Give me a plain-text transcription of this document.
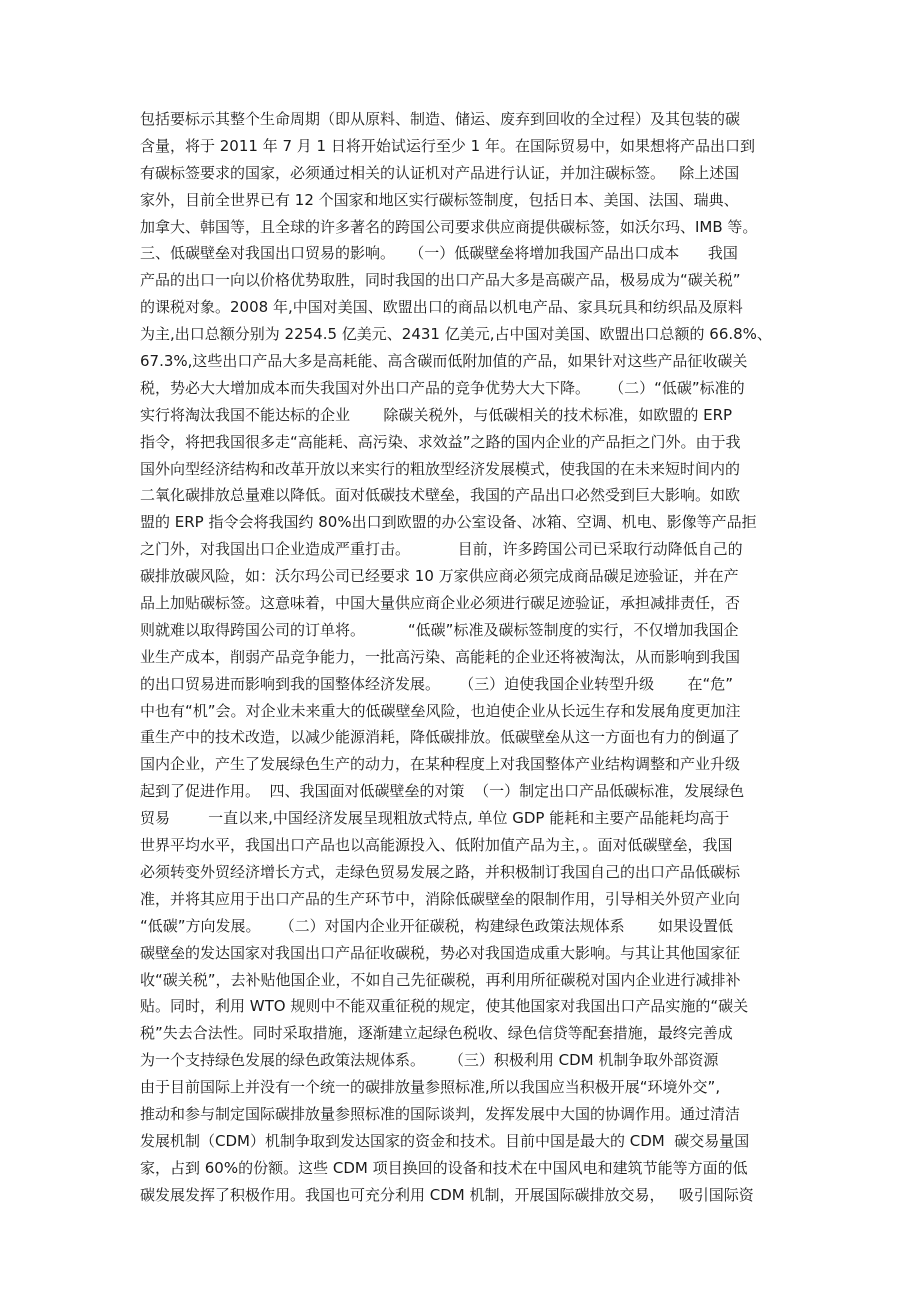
包括要标示其整个生命周期（即从原料、制造、储运、废弃到回收的全过程）及其包装的碳
含量，将于 2011 年 7 月 1 日将开始试运行至少 1 年。在国际贸易中，如果想将产品出口到
有碳标签要求的国家，必须通过相关的认证机对产品进行认证，并加注碳标签。   除上述国
家外，目前全世界已有 12 个国家和地区实行碳标签制度，包括日本、美国、法国、瑞典、
加拿大、韩国等，且全球的许多著名的跨国公司要求供应商提供碳标签，如沃尔玛、IMB 等。
三、低碳壁垒对我国出口贸易的影响。   （一）低碳壁垒将增加我国产品出口成本      我国
产品的出口一向以价格优势取胜，同时我国的出口产品大多是高碳产品，极易成为“碳关税”
的课税对象。2008 年,中国对美国、欧盟出口的商品以机电产品、家具玩具和纺织品及原料
为主,出口总额分别为 2254.5 亿美元、2431 亿美元,占中国对美国、欧盟出口总额的 66.8%、
67.3%,这些出口产品大多是高耗能、高含碳而低附加值的产品，如果针对这些产品征收碳关
税，势必大大增加成本而失我国对外出口产品的竞争优势大大下降。    （二）“低碳”标准的
实行将淘汰我国不能达标的企业       除碳关税外，与低碳相关的技术标准，如欧盟的 ERP
指令，将把我国很多走“高能耗、高污染、求效益”之路的国内企业的产品拒之门外。由于我
国外向型经济结构和改革开放以来实行的粗放型经济发展模式，使我国的在未来短时间内的
二氧化碳排放总量难以降低。面对低碳技术壁垒，我国的产品出口必然受到巨大影响。如欧
盟的 ERP 指令会将我国约 80%出口到欧盟的办公室设备、冰箱、空调、机电、影像等产品拒
之门外，对我国出口企业造成严重打击。          目前，许多跨国公司已采取行动降低自己的
碳排放碳风险，如：沃尔玛公司已经要求 10 万家供应商必须完成商品碳足迹验证，并在产
品上加贴碳标签。这意味着，中国大量供应商企业必须进行碳足迹验证，承担减排责任，否
则就难以取得跨国公司的订单将。         “低碳”标准及碳标签制度的实行，不仅增加我国企
业生产成本，削弱产品竞争能力，一批高污染、高能耗的企业还将被淘汰，从而影响到我国
的出口贸易进而影响到我的国整体经济发展。    （三）迫使我国企业转型升级       在“危”
中也有“机”会。对企业未来重大的低碳壁垒风险，也迫使企业从长远生存和发展角度更加注
重生产中的技术改造，以减少能源消耗，降低碳排放。低碳壁垒从这一方面也有力的倒逼了
国内企业，产生了发展绿色生产的动力，在某种程度上对我国整体产业结构调整和产业升级
起到了促进作用。  四、我国面对低碳壁垒的对策  （一）制定出口产品低碳标准，发展绿色
贸易        一直以来,中国经济发展呈现粗放式特点, 单位 GDP 能耗和主要产品能耗均高于
世界平均水平，我国出口产品也以高能源投入、低附加值产品为主，。面对低碳壁垒，我国
必须转变外贸经济增长方式，走绿色贸易发展之路，并积极制订我国自己的出口产品低碳标
准，并将其应用于出口产品的生产环节中，消除低碳壁垒的限制作用，引导相关外贸产业向
“低碳”方向发展。    （二）对国内企业开征碳税，构建绿色政策法规体系       如果设置低
碳壁垒的发达国家对我国出口产品征收碳税，势必对我国造成重大影响。与其让其他国家征
收“碳关税”，去补贴他国企业，不如自己先征碳税，再利用所征碳税对国内企业进行减排补
贴。同时，利用 WTO 规则中不能双重征税的规定，使其他国家对我国出口产品实施的“碳关
税”失去合法性。同时采取措施，逐渐建立起绿色税收、绿色信贷等配套措施，最终完善成
为一个支持绿色发展的绿色政策法规体系。     （三）积极利用 CDM 机制争取外部资源
由于目前国际上并没有一个统一的碳排放量参照标准,所以我国应当积极开展“环境外交”,
推动和参与制定国际碳排放量参照标准的国际谈判，发挥发展中大国的协调作用。通过清洁
发展机制（CDM）机制争取到发达国家的资金和技术。目前中国是最大的 CDM  碳交易量国
家，占到 60%的份额。这些 CDM 项目换回的设备和技术在中国风电和建筑节能等方面的低
碳发展发挥了积极作用。我国也可充分利用 CDM 机制，开展国际碳排放交易，   吸引国际资
